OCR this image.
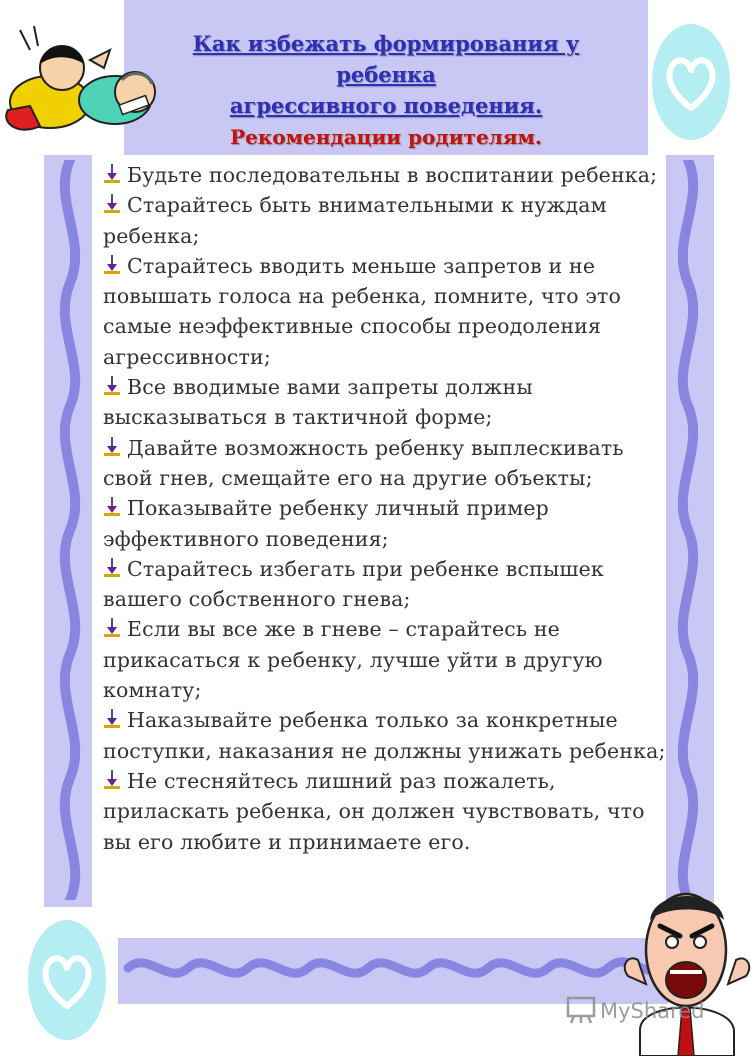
Как избежать формирования у
ребенка
агрессивного поведения.
Рекомендации родителям.
Будьте последовательны в воспитании ребенка;
Старайтесь быть внимательными к нуждам ребенка;
Старайтесь вводить меньше запретов и не повышать голоса на ребенка, помните, что это самые неэффективные способы преодоления агрессивности;
Все вводимые вами запреты должны высказываться в тактичной форме;
Давайте возможность ребенку выплескивать свой гнев, смещайте его на другие объекты;
Показывайте ребенку личный пример эффективного поведения;
Старайтесь избегать при ребенке вспышек вашего собственного гнева;
Если вы все же в гневе – старайтесь не прикасаться к ребенку, лучше уйти в другую комнату;
Наказывайте ребенка только за конкретные поступки, наказания не должны унижать ребенка;
Не стесняйтесь лишний раз пожалеть, приласкать ребенка, он должен чувствовать, что вы его любите и принимаете его.
MyShared
